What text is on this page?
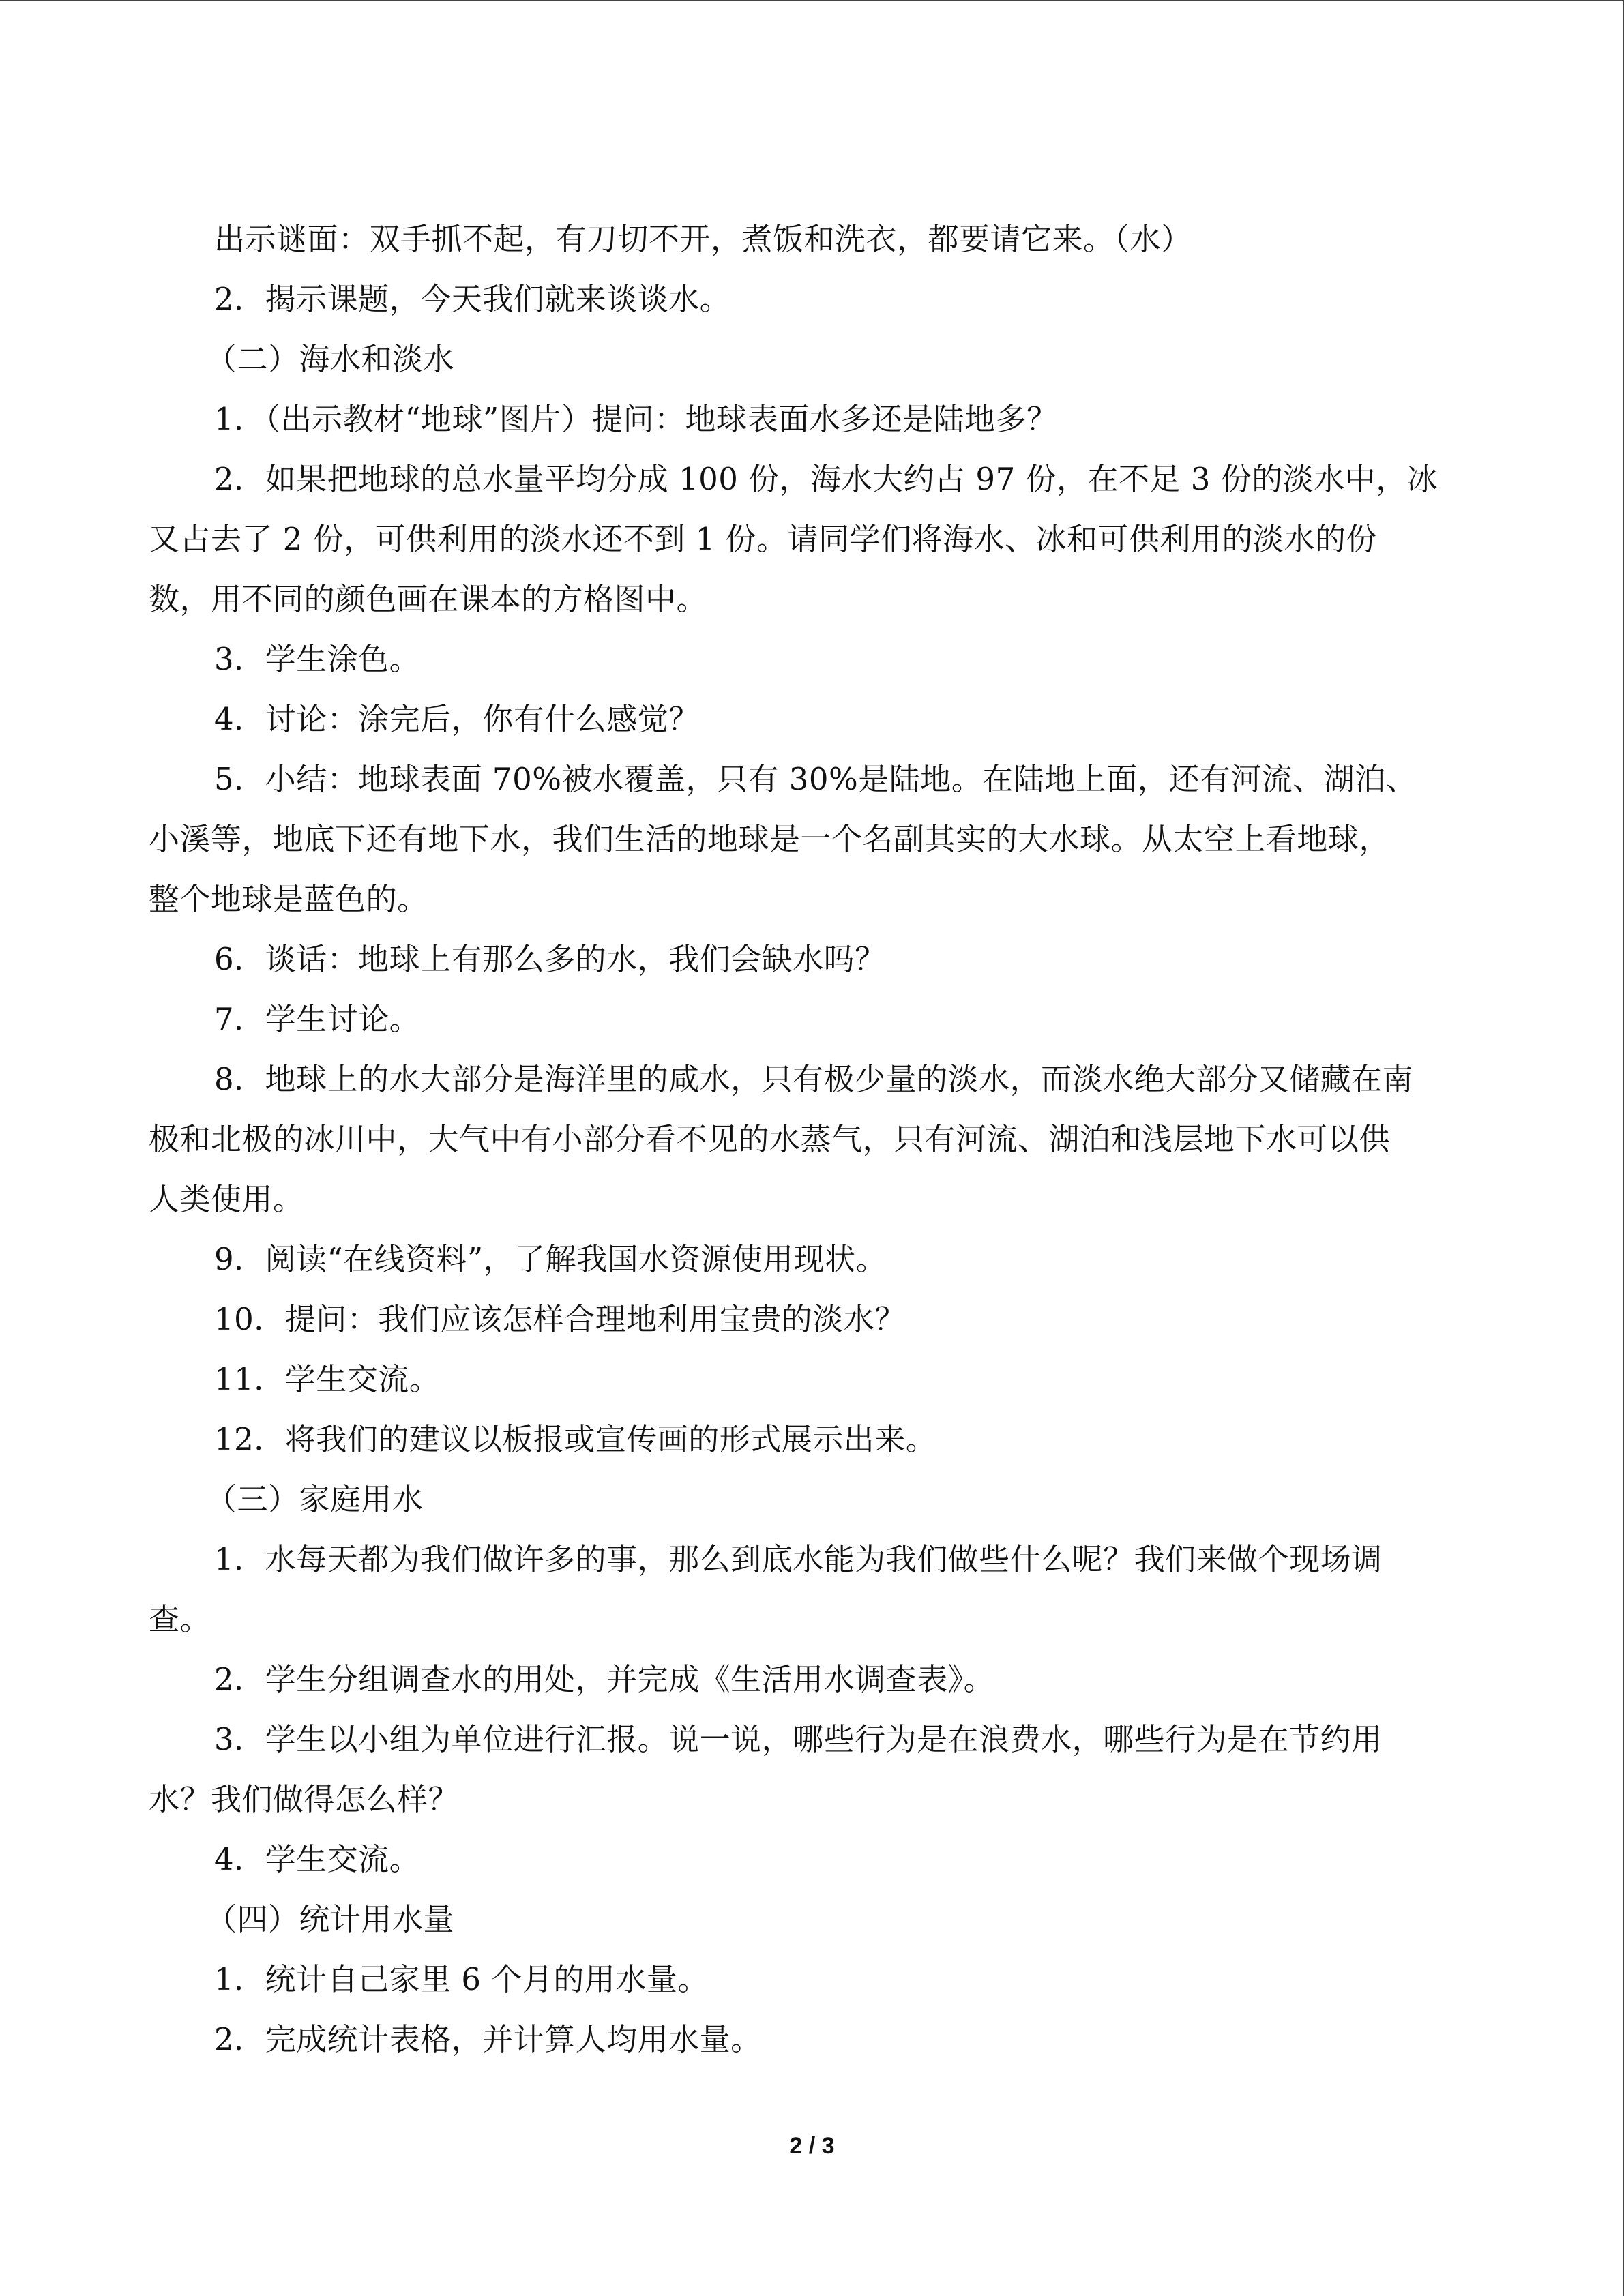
出示谜面：双手抓不起，有刀切不开，煮饭和洗衣，都要请它来。（水）
2．揭示课题，今天我们就来谈谈水。
（二）海水和淡水
1．（出示教材“地球”图片）提问：地球表面水多还是陆地多？
2．如果把地球的总水量平均分成 100 份，海水大约占 97 份，在不足 3 份的淡水中，冰
又占去了 2 份，可供利用的淡水还不到 1 份。请同学们将海水、冰和可供利用的淡水的份
数，用不同的颜色画在课本的方格图中。
3．学生涂色。
4．讨论：涂完后，你有什么感觉？
5．小结：地球表面 70%被水覆盖，只有 30%是陆地。在陆地上面，还有河流、湖泊、
小溪等，地底下还有地下水，我们生活的地球是一个名副其实的大水球。从太空上看地球，
整个地球是蓝色的。
6．谈话：地球上有那么多的水，我们会缺水吗？
7．学生讨论。
8．地球上的水大部分是海洋里的咸水，只有极少量的淡水，而淡水绝大部分又储藏在南
极和北极的冰川中，大气中有小部分看不见的水蒸气，只有河流、湖泊和浅层地下水可以供
人类使用。
9．阅读“在线资料”，了解我国水资源使用现状。
10．提问：我们应该怎样合理地利用宝贵的淡水？
11．学生交流。
12．将我们的建议以板报或宣传画的形式展示出来。
（三）家庭用水
1．水每天都为我们做许多的事，那么到底水能为我们做些什么呢？我们来做个现场调
查。
2．学生分组调查水的用处，并完成《生活用水调查表》。
3．学生以小组为单位进行汇报。说一说，哪些行为是在浪费水，哪些行为是在节约用
水？我们做得怎么样？
4．学生交流。
（四）统计用水量
1．统计自己家里 6 个月的用水量。
2．完成统计表格，并计算人均用水量。
2 / 3
